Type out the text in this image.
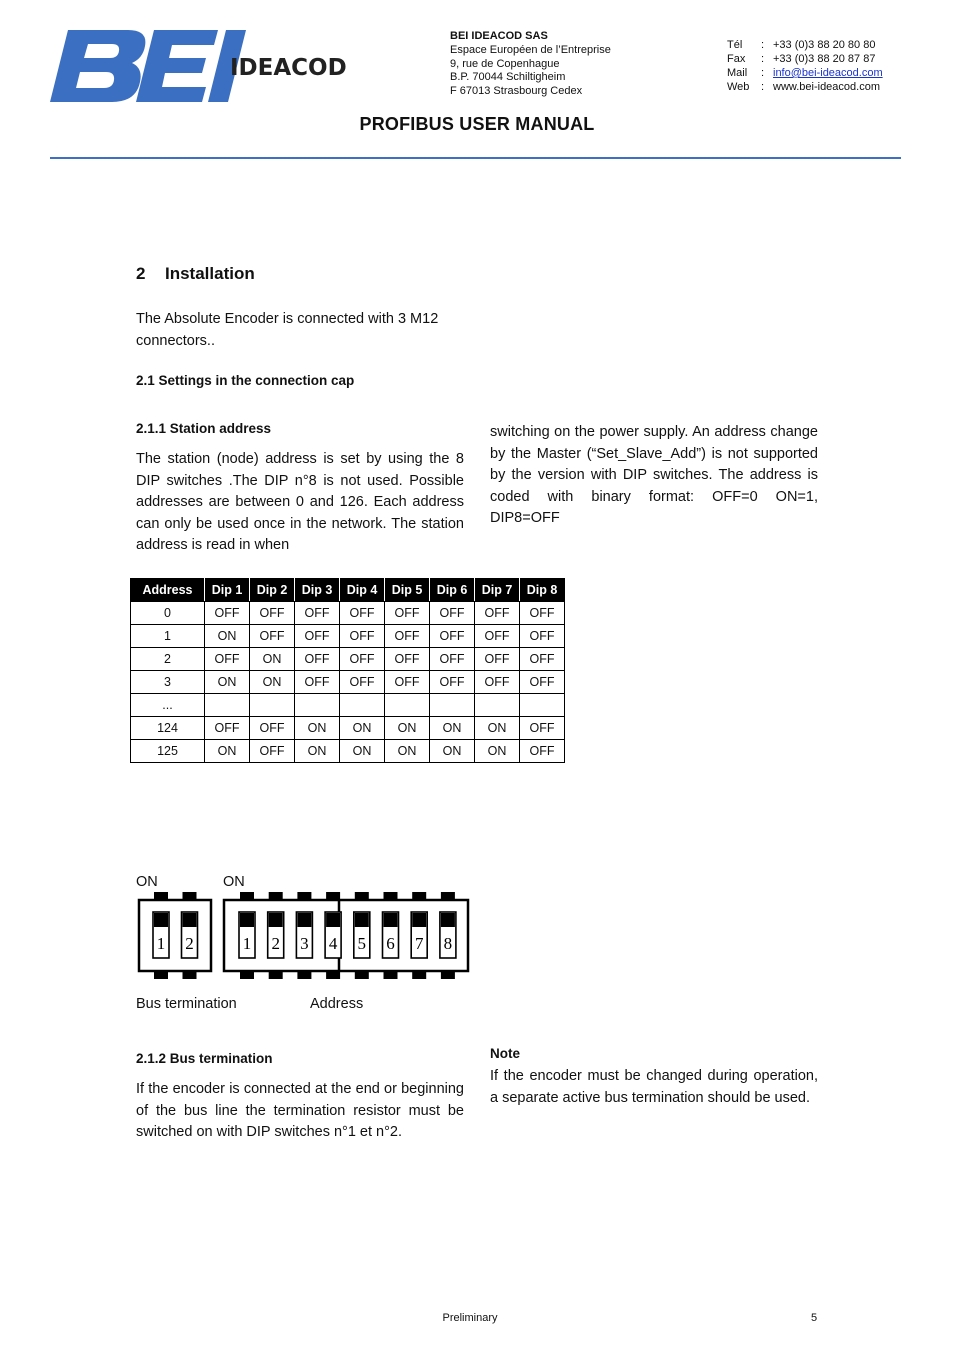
IDEACOD
BEI IDEACOD SAS
Espace Européen de l’Entreprise
9, rue de Copenhague
B.P. 70044 Schiltigheim
F 67013 Strasbourg Cedex
Tél	: +33 (0)3 88 20 80 80
Fax	: +33 (0)3 88 20 87 87
Mail	: info@bei-ideacod.com
Web	: www.bei-ideacod.com
PROFIBUS USER MANUAL
2 Installation
The Absolute Encoder is connected with 3 M12 connectors..
2.1 Settings in the connection cap
2.1.1 Station address
The station (node) address is set by using the 8 DIP switches .The DIP n°8 is not used. Possible addresses are between 0 and 126. Each address can only be used once in the network. The station address is read in when
switching on the power supply. An address change by the Master (“Set_Slave_Add”) is not supported by the version with DIP switches. The address is coded with binary format: OFF=0 ON=1, DIP8=OFF
Address	Dip 1	Dip 2	Dip 3	Dip 4	Dip 5	Dip 6	Dip 7	Dip 8
0	OFF	OFF	OFF	OFF	OFF	OFF	OFF	OFF
1	ON	OFF	OFF	OFF	OFF	OFF	OFF	OFF
2	OFF	ON	OFF	OFF	OFF	OFF	OFF	OFF
3	ON	ON	OFF	OFF	OFF	OFF	OFF	OFF
...								
124	OFF	OFF	ON	ON	ON	ON	ON	OFF
125	ON	OFF	ON	ON	ON	ON	ON	OFF
ON	ON
1 2	1 2 3 4 5 6 7 8
Bus termination	Address
2.1.2 Bus termination
If the encoder is connected at the end or beginning of the bus line the termination resistor must be switched on with DIP switches n°1 et n°2.
Note
If the encoder must be changed during operation, a separate active bus termination should be used.
Preliminary	5
